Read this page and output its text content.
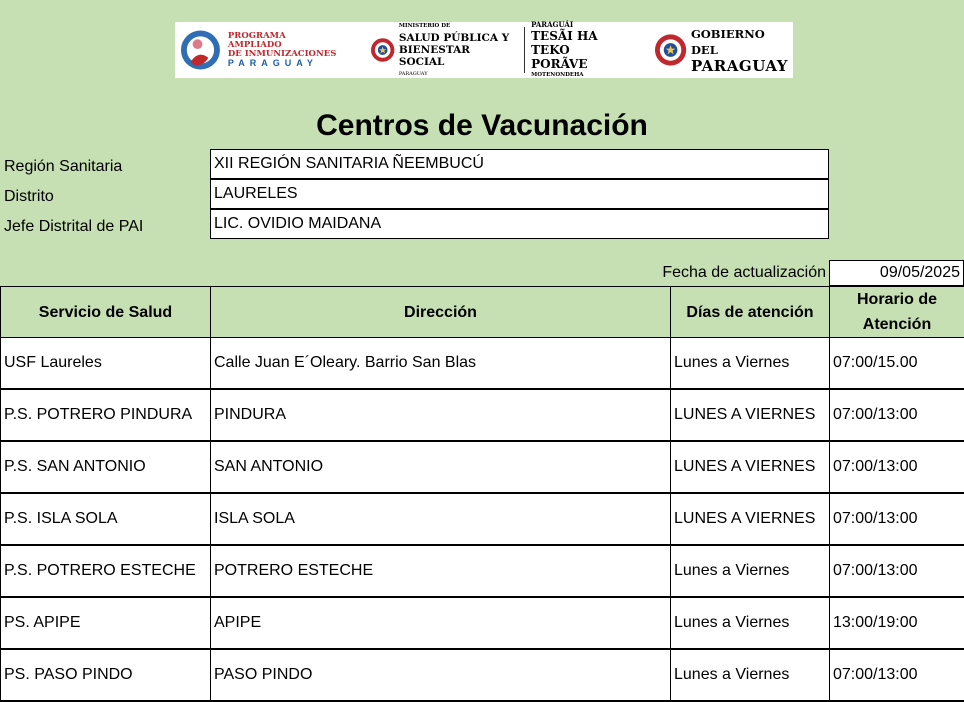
PROGRAMA AMPLIADO
DE INMUNIZACIONES
PARAGUAY
MINISTERIO DE
SALUD PÚBLICA Y
BIENESTAR SOCIAL
PARAGUAY
PARAGUÁI
TESÃI HA TEKO
PORÃVE
MOTENONDEHA
GOBIERNO DEL
PARAGUAY
Centros de Vacunación
Región Sanitaria	XII REGIÓN SANITARIA ÑEEMBUCÚ
Distrito	LAURELES
Jefe Distrital de PAI	LIC. OVIDIO MAIDANA
Fecha de actualización	09/05/2025
Servicio de Salud	Dirección	Días de atención	Horario de Atención
USF Laureles	Calle Juan E´Oleary. Barrio San Blas	Lunes a Viernes	07:00/15.00
P.S. POTRERO PINDURA	PINDURA	LUNES A VIERNES	07:00/13:00
P.S. SAN ANTONIO	SAN ANTONIO	LUNES A VIERNES	07:00/13:00
P.S. ISLA SOLA	ISLA SOLA	LUNES A VIERNES	07:00/13:00
P.S. POTRERO ESTECHE	POTRERO ESTECHE	Lunes a Viernes	07:00/13:00
PS. APIPE	APIPE	Lunes a Viernes	13:00/19:00
PS. PASO PINDO	PASO PINDO	Lunes a Viernes	07:00/13:00
